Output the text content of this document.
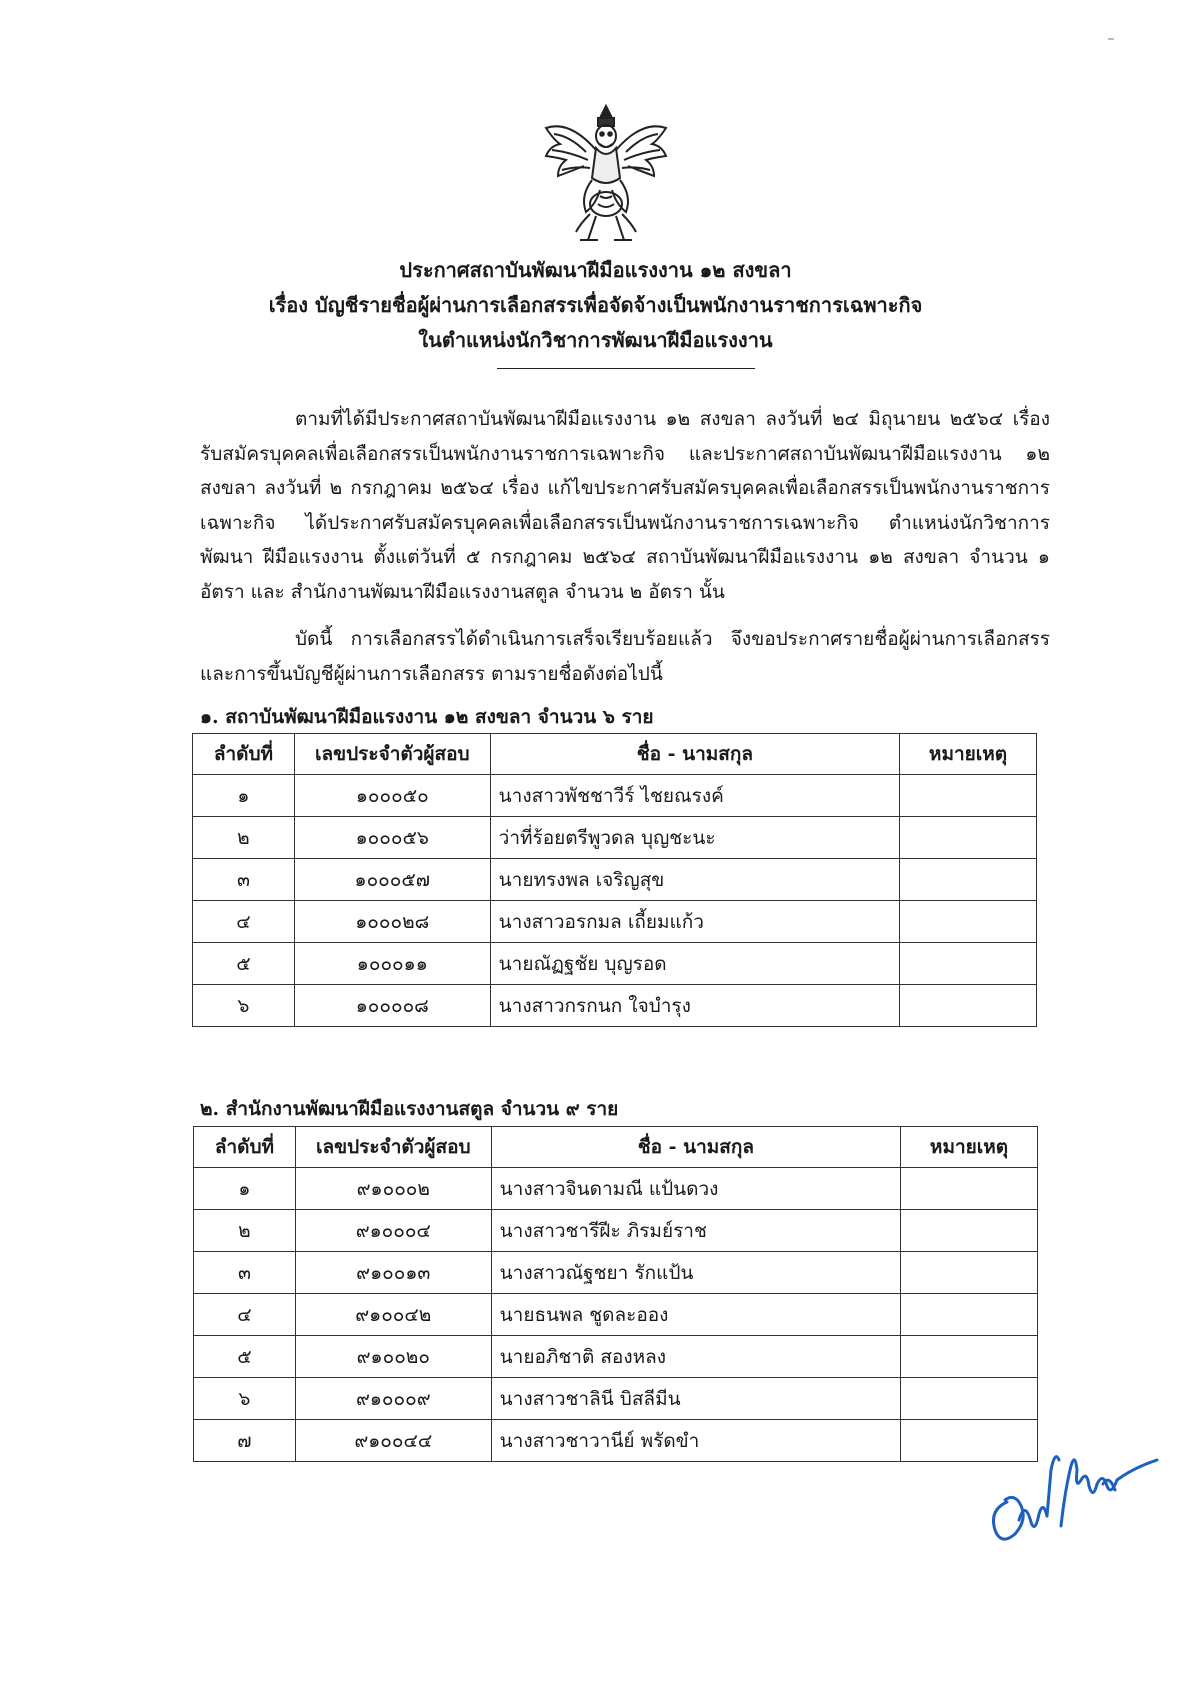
ประกาศสถาบันพัฒนาฝีมือแรงงาน ๑๒ สงขลา
เรื่อง บัญชีรายชื่อผู้ผ่านการเลือกสรรเพื่อจัดจ้างเป็นพนักงานราชการเฉพาะกิจ
ในตำแหน่งนักวิชาการพัฒนาฝีมือแรงงาน
ตามที่ได้มีประกาศสถาบันพัฒนาฝีมือแรงงาน ๑๒ สงขลา ลงวันที่ ๒๔ มิถุนายน ๒๕๖๔ เรื่อง รับสมัครบุคคลเพื่อเลือกสรรเป็นพนักงานราชการเฉพาะกิจ และประกาศสถาบันพัฒนาฝีมือแรงงาน ๑๒ สงขลา ลงวันที่ ๒ กรกฎาคม ๒๕๖๔ เรื่อง แก้ไขประกาศรับสมัครบุคคลเพื่อเลือกสรรเป็นพนักงานราชการ เฉพาะกิจ ได้ประกาศรับสมัครบุคคลเพื่อเลือกสรรเป็นพนักงานราชการเฉพาะกิจ ตำแหน่งนักวิชาการพัฒนา ฝีมือแรงงาน ตั้งแต่วันที่ ๕ กรกฎาคม ๒๕๖๔ สถาบันพัฒนาฝีมือแรงงาน ๑๒ สงขลา จำนวน ๑ อัตรา และ สำนักงานพัฒนาฝีมือแรงงานสตูล จำนวน ๒ อัตรา นั้น
บัดนี้ การเลือกสรรได้ดำเนินการเสร็จเรียบร้อยแล้ว จึงขอประกาศรายชื่อผู้ผ่านการเลือกสรร และการขึ้นบัญชีผู้ผ่านการเลือกสรร ตามรายชื่อดังต่อไปนี้
๑. สถาบันพัฒนาฝีมือแรงงาน ๑๒ สงขลา จำนวน ๖ ราย
ลำดับที่	เลขประจำตัวผู้สอบ	ชื่อ - นามสกุล	หมายเหตุ
๑	๑๐๐๐๕๐	นางสาวพัชชาวีร์ ไชยณรงค์	
๒	๑๐๐๐๕๖	ว่าที่ร้อยตรีพูวดล บุญชะนะ	
๓	๑๐๐๐๕๗	นายทรงพล เจริญสุข	
๔	๑๐๐๐๒๘	นางสาวอรกมล เถี้ยมแก้ว	
๕	๑๐๐๐๑๑	นายณัฏฐชัย บุญรอด	
๖	๑๐๐๐๐๘	นางสาวกรกนก ใจบำรุง	
๒. สำนักงานพัฒนาฝีมือแรงงานสตูล จำนวน ๙ ราย
ลำดับที่	เลขประจำตัวผู้สอบ	ชื่อ - นามสกุล	หมายเหตุ
๑	๙๑๐๐๐๒	นางสาวจินดามณี แป้นดวง	
๒	๙๑๐๐๐๔	นางสาวชารีฝีะ ภิรมย์ราช	
๓	๙๑๐๐๑๓	นางสาวณัฐชยา รักแป้น	
๔	๙๑๐๐๔๒	นายธนพล ชูดละออง	
๕	๙๑๐๐๒๐	นายอภิชาติ สองหลง	
๖	๙๑๐๐๐๙	นางสาวชาลินี บิสลีมีน	
๗	๙๑๐๐๔๔	นางสาวชาวานีย์ พรัดขำ	
